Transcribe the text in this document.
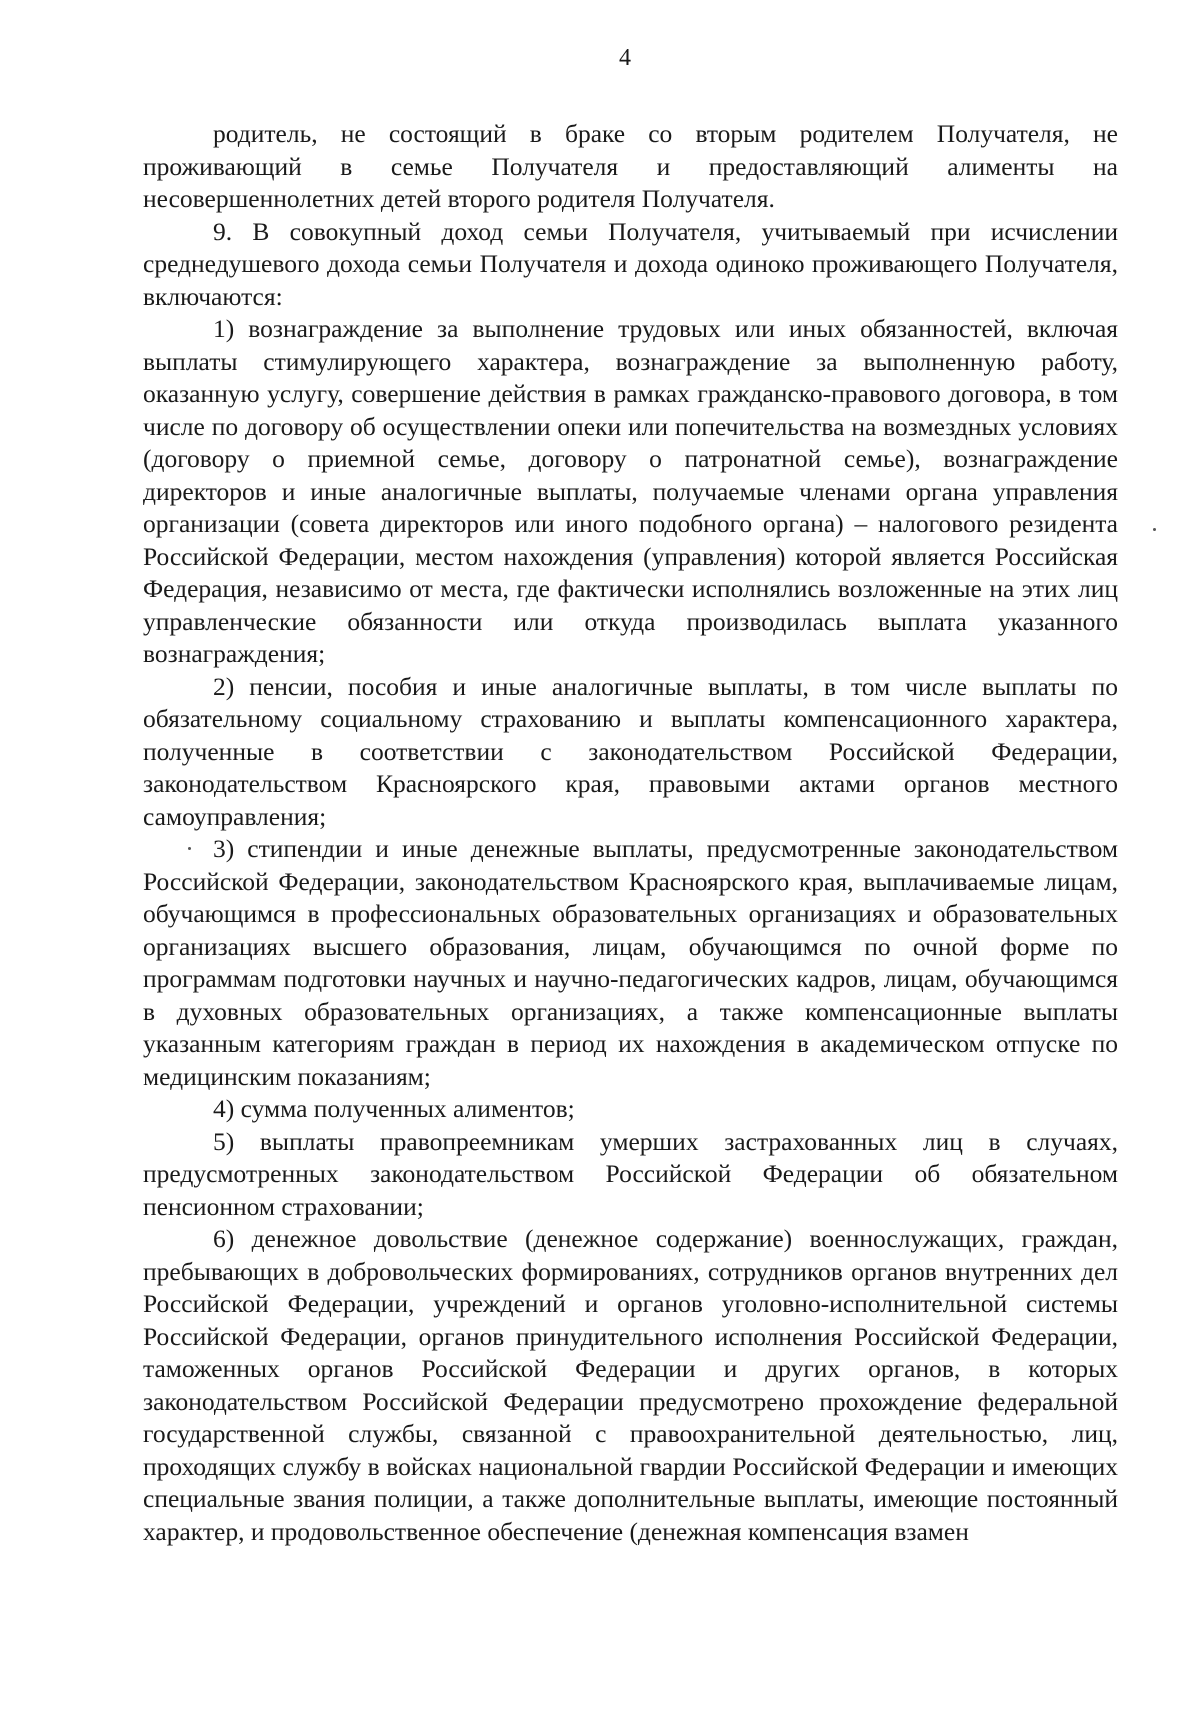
4

родитель, не состоящий в браке со вторым родителем Получателя, не проживающий в семье Получателя и предоставляющий алименты на несовершеннолетних детей второго родителя Получателя.

9. В совокупный доход семьи Получателя, учитываемый при исчислении среднедушевого дохода семьи Получателя и дохода одиноко проживающего Получателя, включаются:

1) вознаграждение за выполнение трудовых или иных обязанностей, включая выплаты стимулирующего характера, вознаграждение за выполненную работу, оказанную услугу, совершение действия в рамках гражданско-правового договора, в том числе по договору об осуществлении опеки или попечительства на возмездных условиях (договору о приемной семье, договору о патронатной семье), вознаграждение директоров и иные аналогичные выплаты, получаемые членами органа управления организации (совета директоров или иного подобного органа) – налогового резидента Российской Федерации, местом нахождения (управления) которой является Российская Федерация, независимо от места, где фактически исполнялись возложенные на этих лиц управленческие обязанности или откуда производилась выплата указанного вознаграждения;

2) пенсии, пособия и иные аналогичные выплаты, в том числе выплаты по обязательному социальному страхованию и выплаты компенсационного характера, полученные в соответствии с законодательством Российской Федерации, законодательством Красноярского края, правовыми актами органов местного самоуправления;

3) стипендии и иные денежные выплаты, предусмотренные законодательством Российской Федерации, законодательством Красноярского края, выплачиваемые лицам, обучающимся в профессиональных образовательных организациях и образовательных организациях высшего образования, лицам, обучающимся по очной форме по программам подготовки научных и научно-педагогических кадров, лицам, обучающимся в духовных образовательных организациях, а также компенсационные выплаты указанным категориям граждан в период их нахождения в академическом отпуске по медицинским показаниям;

4) сумма полученных алиментов;

5) выплаты правопреемникам умерших застрахованных лиц в случаях, предусмотренных законодательством Российской Федерации об обязательном пенсионном страховании;

6) денежное довольствие (денежное содержание) военнослужащих, граждан, пребывающих в добровольческих формированиях, сотрудников органов внутренних дел Российской Федерации, учреждений и органов уголовно-исполнительной системы Российской Федерации, органов принудительного исполнения Российской Федерации, таможенных органов Российской Федерации и других органов, в которых законодательством Российской Федерации предусмотрено прохождение федеральной государственной службы, связанной с правоохранительной деятельностью, лиц, проходящих службу в войсках национальной гвардии Российской Федерации и имеющих специальные звания полиции, а также дополнительные выплаты, имеющие постоянный характер, и продовольственное обеспечение (денежная компенсация взамен
